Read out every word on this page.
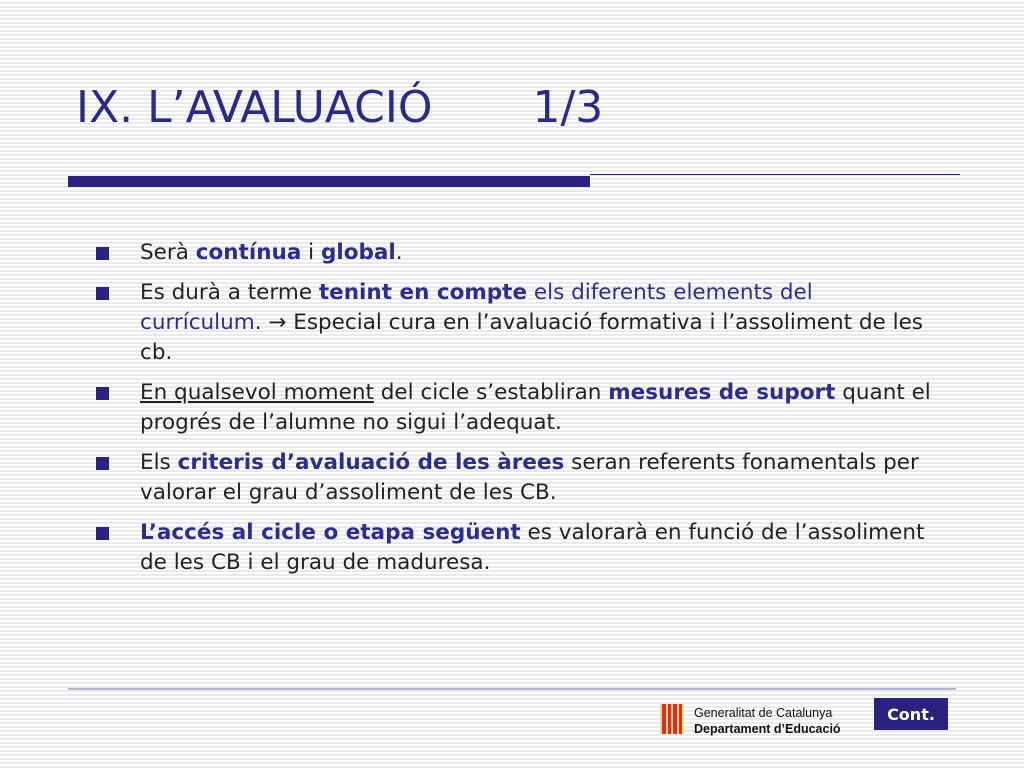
IX. L’AVALUACIÓ 1/3
Serà contínua i global.
Es durà a terme tenint en compte els diferents elements del currículum. → Especial cura en l’avaluació formativa i l’assoliment de les cb.
En qualsevol moment del cicle s’establiran mesures de suport quant el progrés de l’alumne no sigui l’adequat.
Els criteris d’avaluació de les àrees seran referents fonamentals per valorar el grau d’assoliment de les CB.
L’accés al cicle o etapa següent es valorarà en funció de l’assoliment de les CB i el grau de maduresa.
Generalitat de Catalunya
Departament d’Educació
Cont.
